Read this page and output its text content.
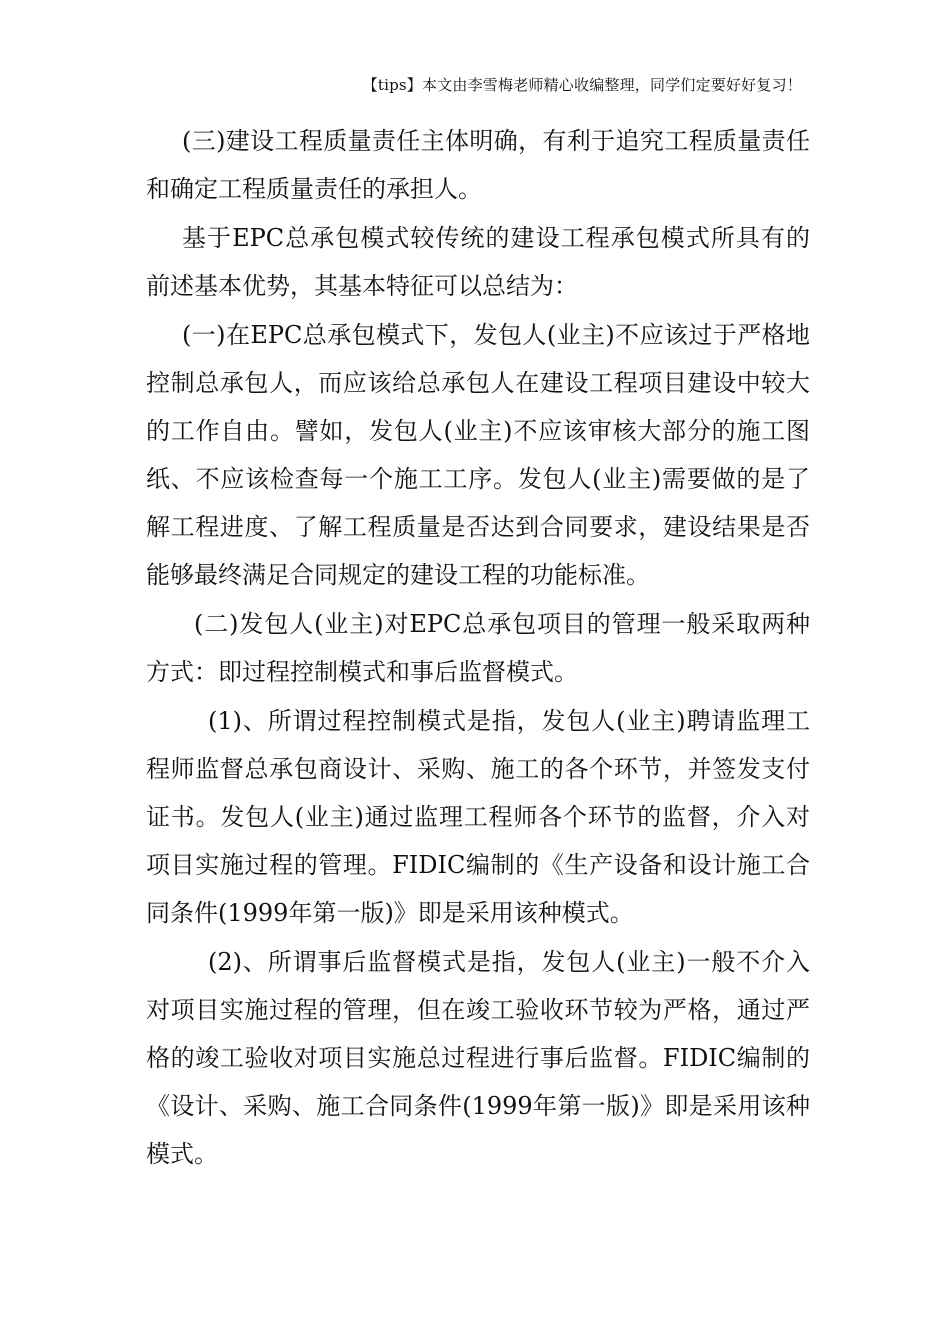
【tips】本文由李雪梅老师精心收编整理，同学们定要好好复习！

(三)建设工程质量责任主体明确，有利于追究工程质量责任和确定工程质量责任的承担人。

基于EPC总承包模式较传统的建设工程承包模式所具有的前述基本优势，其基本特征可以总结为：

(一)在EPC总承包模式下，发包人(业主)不应该过于严格地控制总承包人，而应该给总承包人在建设工程项目建设中较大的工作自由。譬如，发包人(业主)不应该审核大部分的施工图纸、不应该检查每一个施工工序。发包人(业主)需要做的是了解工程进度、了解工程质量是否达到合同要求，建设结果是否能够最终满足合同规定的建设工程的功能标准。

(二)发包人(业主)对EPC总承包项目的管理一般采取两种方式：即过程控制模式和事后监督模式。

(1)、所谓过程控制模式是指，发包人(业主)聘请监理工程师监督总承包商设计、采购、施工的各个环节，并签发支付证书。发包人(业主)通过监理工程师各个环节的监督，介入对项目实施过程的管理。FIDIC编制的《生产设备和设计施工合同条件(1999年第一版)》即是采用该种模式。

(2)、所谓事后监督模式是指，发包人(业主)一般不介入对项目实施过程的管理，但在竣工验收环节较为严格，通过严格的竣工验收对项目实施总过程进行事后监督。FIDIC编制的《设计、采购、施工合同条件(1999年第一版)》即是采用该种模式。
